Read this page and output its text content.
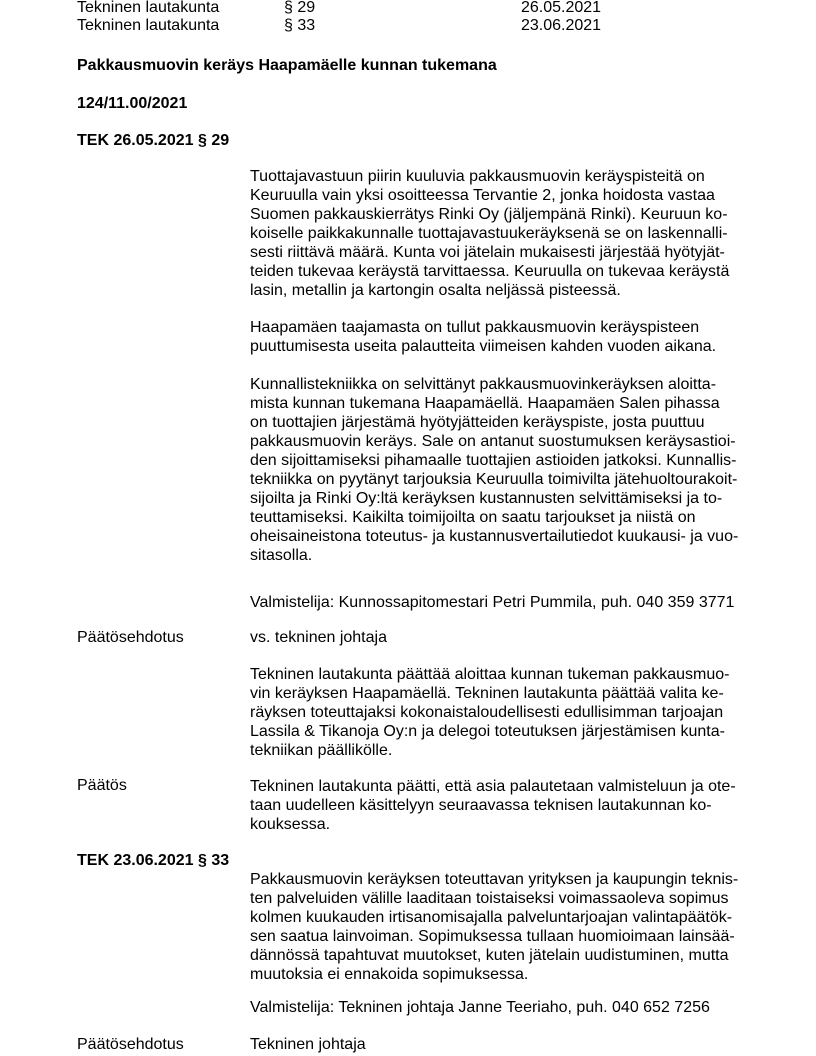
Tekninen lautakunta	§ 29	26.05.2021
Tekninen lautakunta	§ 33	23.06.2021
Pakkausmuovin keräys Haapamäelle kunnan tukemana
124/11.00/2021
TEK 26.05.2021 § 29
Tuottajavastuun piirin kuuluvia pakkausmuovin keräyspisteitä on
Keuruulla vain yksi osoitteessa Tervantie 2, jonka hoidosta vastaa
Suomen pakkauskierrätys Rinki Oy (jäljempänä Rinki). Keuruun ko-
koiselle paikkakunnalle tuottajavastuukeräyksenä se on laskennalli-
sesti riittävä määrä. Kunta voi jätelain mukaisesti järjestää hyötyjät-
teiden tukevaa keräystä tarvittaessa. Keuruulla on tukevaa keräystä
lasin, metallin ja kartongin osalta neljässä pisteessä.
Haapamäen taajamasta on tullut pakkausmuovin keräyspisteen
puuttumisesta useita palautteita viimeisen kahden vuoden aikana.
Kunnallistekniikka on selvittänyt pakkausmuovinkeräyksen aloitta-
mista kunnan tukemana Haapamäellä. Haapamäen Salen pihassa
on tuottajien järjestämä hyötyjätteiden keräyspiste, josta puuttuu
pakkausmuovin keräys. Sale on antanut suostumuksen keräysastioi-
den sijoittamiseksi pihamaalle tuottajien astioiden jatkoksi. Kunnallis-
tekniikka on pyytänyt tarjouksia Keuruulla toimivilta jätehuoltourakoit-
sijoilta ja Rinki Oy:ltä keräyksen kustannusten selvittämiseksi ja to-
teuttamiseksi. Kaikilta toimijoilta on saatu tarjoukset ja niistä on
oheisaineistona toteutus- ja kustannusvertailutiedot kuukausi- ja vuo-
sitasolla.
Valmistelija: Kunnossapitomestari Petri Pummila, puh. 040 359 3771
Päätösehdotus	vs. tekninen johtaja
Tekninen lautakunta päättää aloittaa kunnan tukeman pakkausmuo-
vin keräyksen Haapamäellä. Tekninen lautakunta päättää valita ke-
räyksen toteuttajaksi kokonaistaloudellisesti edullisimman tarjoajan
Lassila & Tikanoja Oy:n ja delegoi toteutuksen järjestämisen kunta-
tekniikan päällikölle.
Päätös	Tekninen lautakunta päätti, että asia palautetaan valmisteluun ja ote-
taan uudelleen käsittelyyn seuraavassa teknisen lautakunnan ko-
kouksessa.
TEK 23.06.2021 § 33
Pakkausmuovin keräyksen toteuttavan yrityksen ja kaupungin teknis-
ten palveluiden välille laaditaan toistaiseksi voimassaoleva sopimus
kolmen kuukauden irtisanomisajalla palveluntarjoajan valintapäätök-
sen saatua lainvoiman. Sopimuksessa tullaan huomioimaan lainsää-
dännössä tapahtuvat muutokset, kuten jätelain uudistuminen, mutta
muutoksia ei ennakoida sopimuksessa.
Valmistelija: Tekninen johtaja Janne Teeriaho, puh. 040 652 7256
Päätösehdotus	Tekninen johtaja
